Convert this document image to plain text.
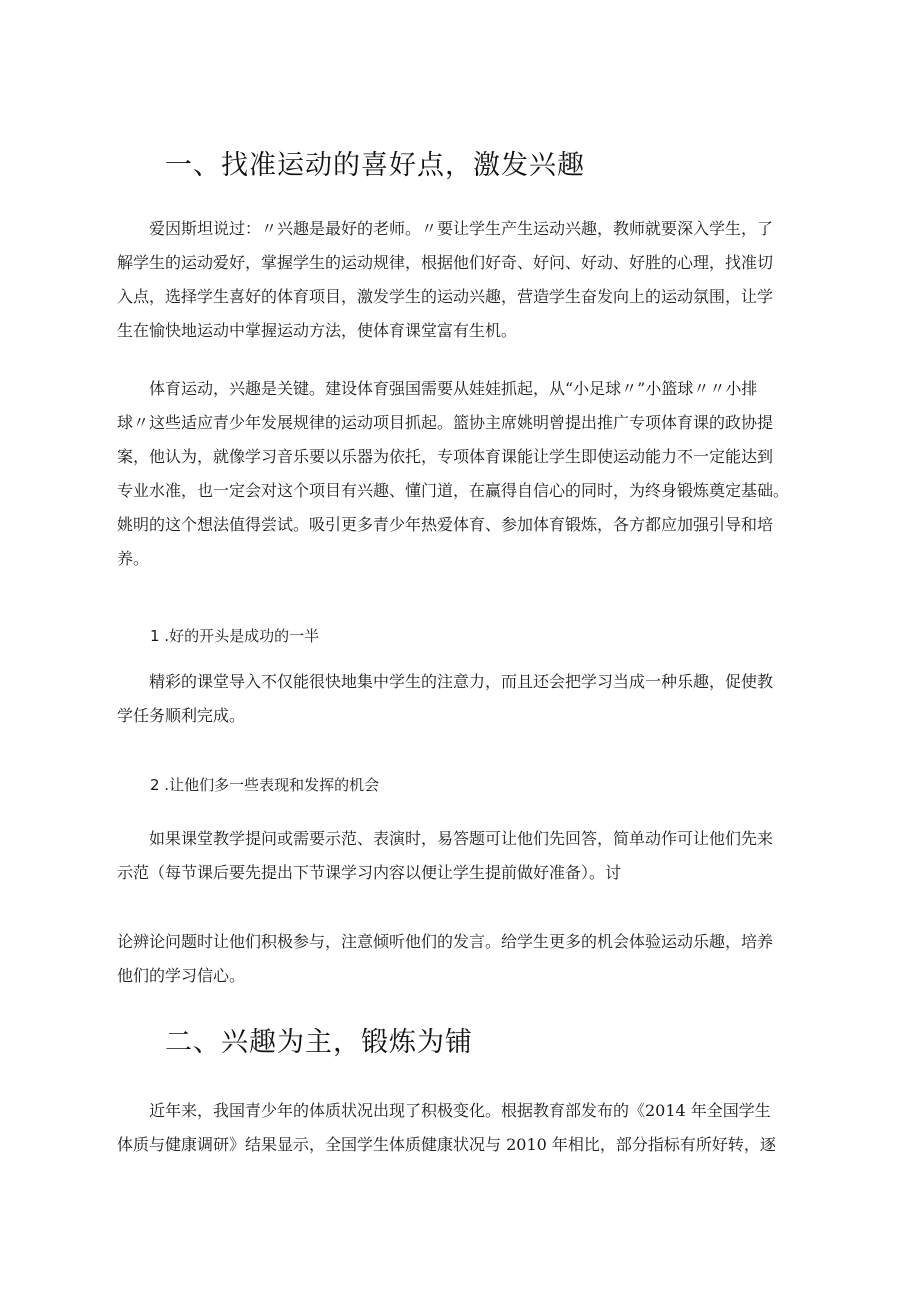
一、找准运动的喜好点，激发兴趣
爱因斯坦说过：〃兴趣是最好的老师。〃要让学生产生运动兴趣，教师就要深入学生，了
解学生的运动爱好，掌握学生的运动规律，根据他们好奇、好问、好动、好胜的心理，找准切
入点，选择学生喜好的体育项目，激发学生的运动兴趣，营造学生奋发向上的运动氛围，让学
生在愉快地运动中掌握运动方法，使体育课堂富有生机。
体育运动，兴趣是关键。建设体育强国需要从娃娃抓起，从“小足球〃”小篮球〃〃小排
球〃这些适应青少年发展规律的运动项目抓起。篮协主席姚明曾提出推广专项体育课的政协提
案，他认为，就像学习音乐要以乐器为依托，专项体育课能让学生即使运动能力不一定能达到
专业水准，也一定会对这个项目有兴趣、懂门道，在赢得自信心的同时，为终身锻炼奠定基础。
姚明的这个想法值得尝试。吸引更多青少年热爱体育、参加体育锻炼，各方都应加强引导和培
养。
1 .好的开头是成功的一半
精彩的课堂导入不仅能很快地集中学生的注意力，而且还会把学习当成一种乐趣，促使教
学任务顺利完成。
2 .让他们多一些表现和发挥的机会
如果课堂教学提问或需要示范、表演时，易答题可让他们先回答，简单动作可让他们先来
示范（每节课后要先提出下节课学习内容以便让学生提前做好准备）。讨
论辨论问题时让他们积极参与，注意倾听他们的发言。给学生更多的机会体验运动乐趣，培养
他们的学习信心。
二、兴趣为主，锻炼为铺
近年来，我国青少年的体质状况出现了积极变化。根据教育部发布的《2014 年全国学生
体质与健康调研》结果显示，全国学生体质健康状况与 2010 年相比，部分指标有所好转，逐
